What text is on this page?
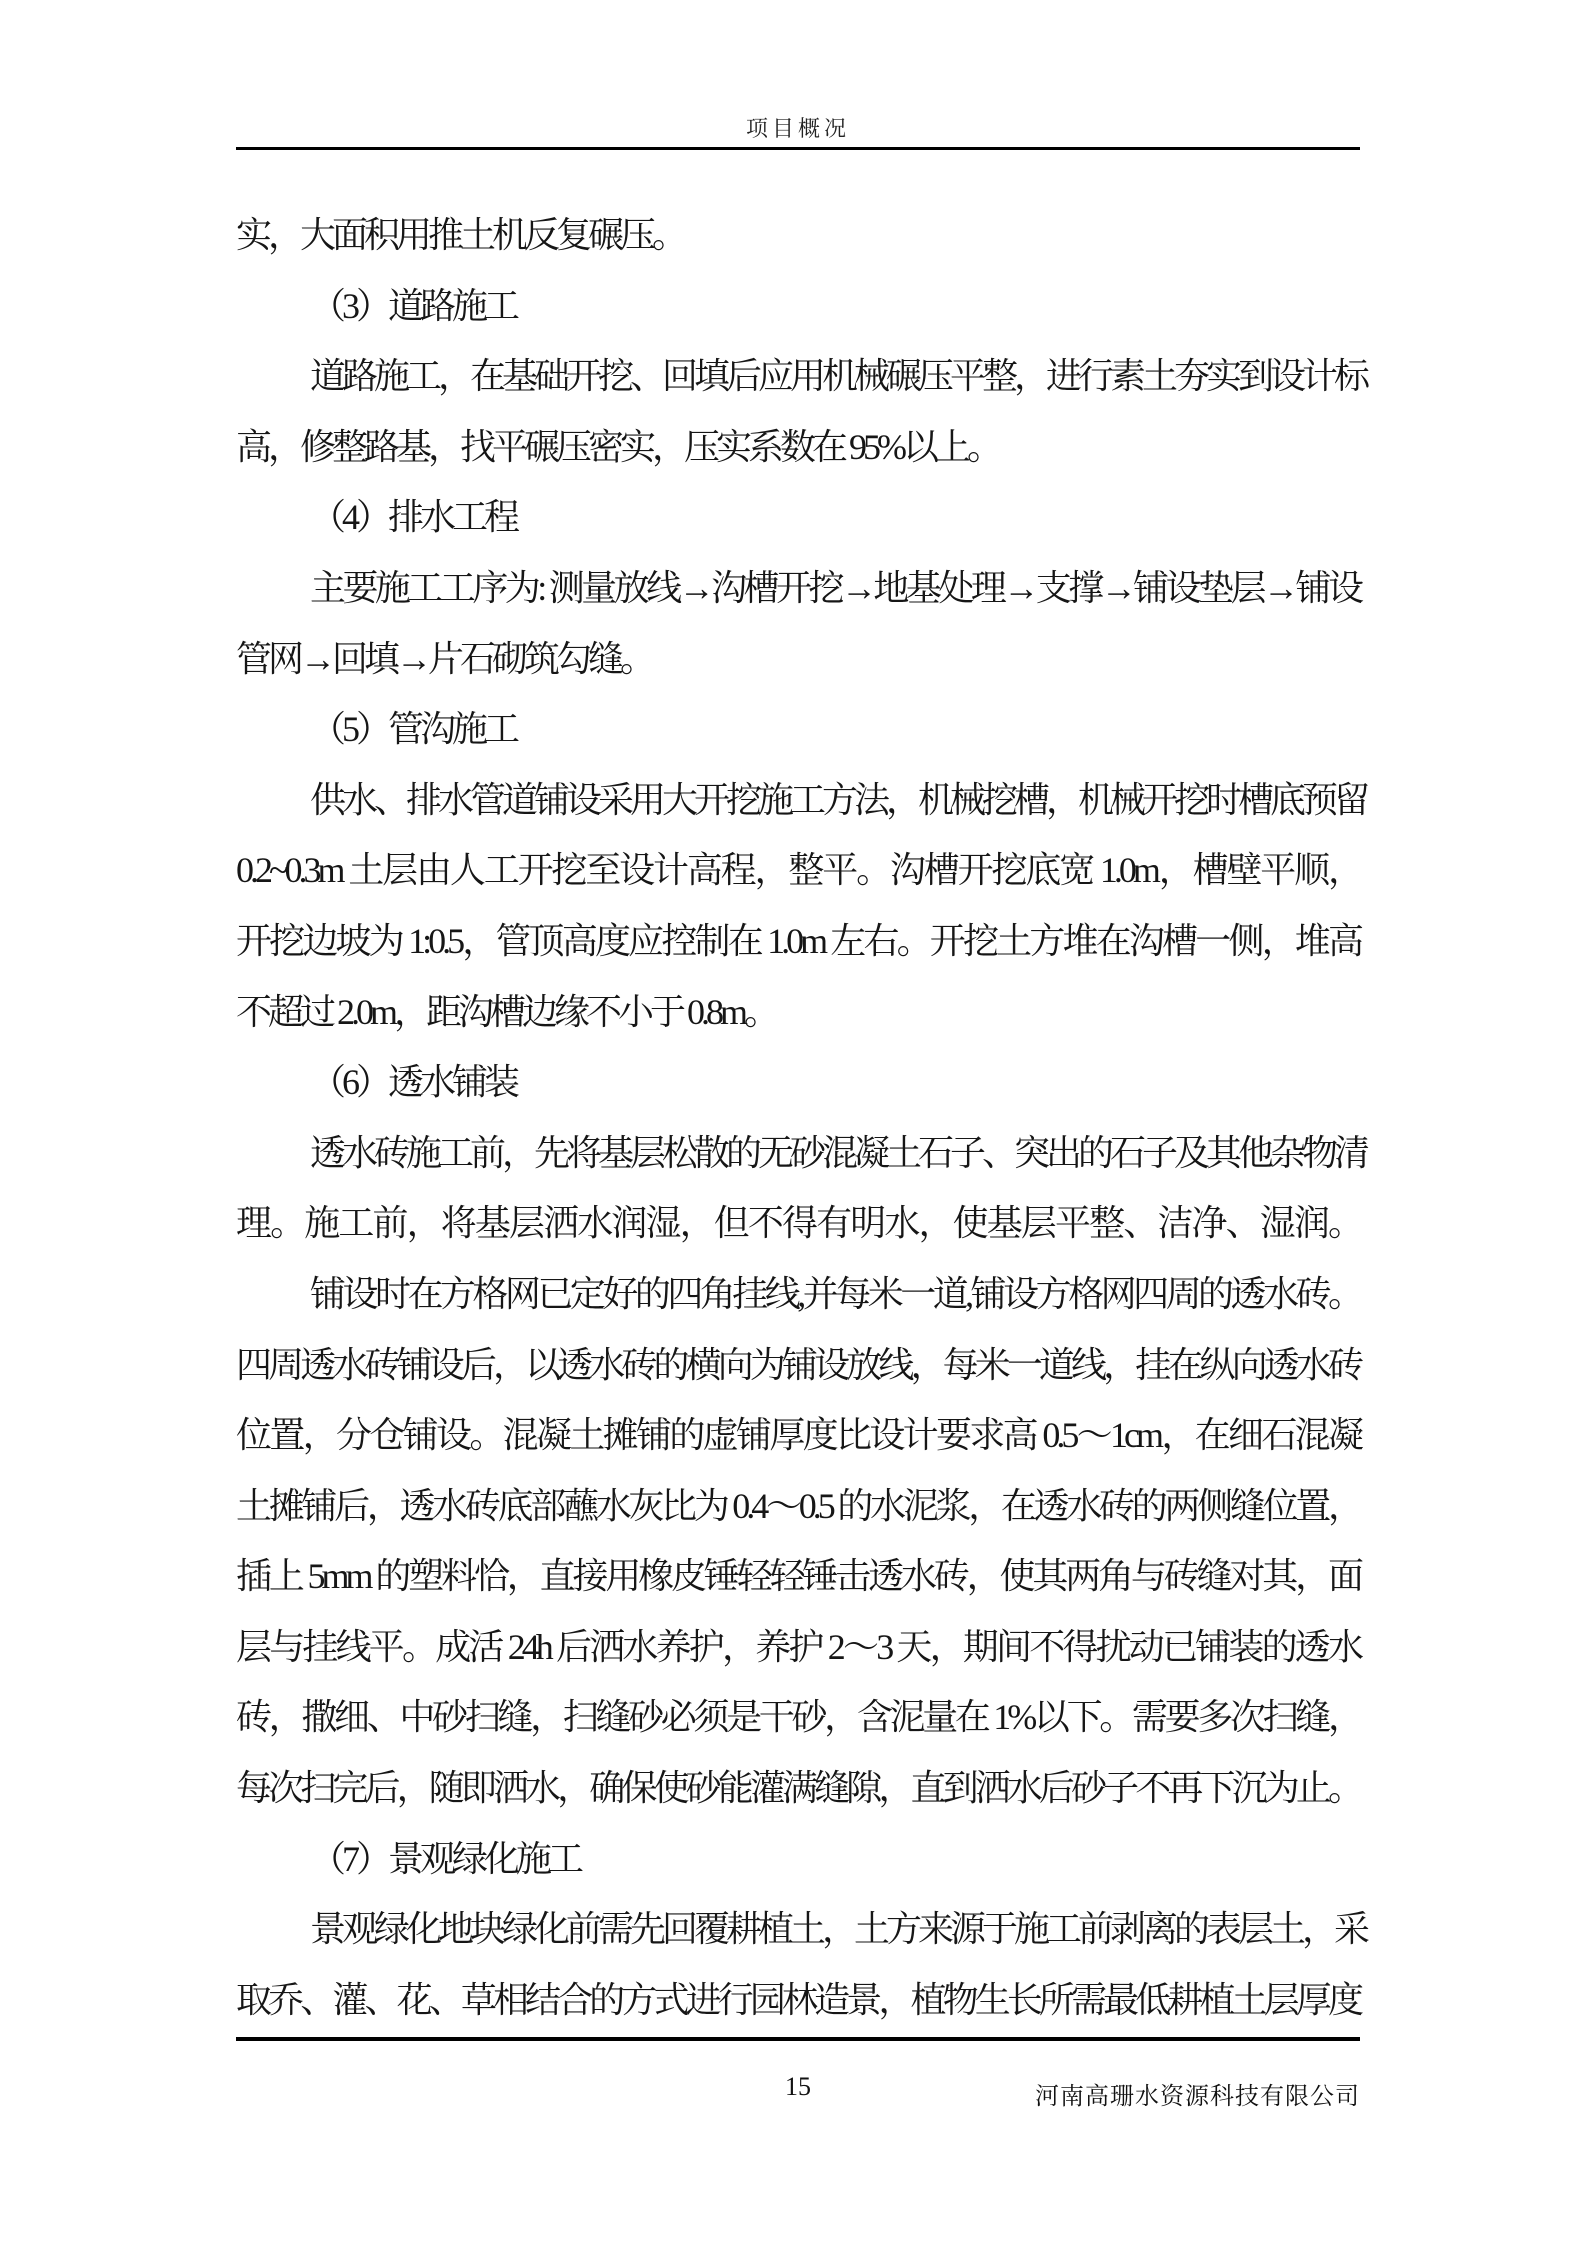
项目概况
实，大面积用推土机反复碾压。
（3）道路施工
道路施工，在基础开挖、回填后应用机械碾压平整，进行素土夯实到设计标
高，修整路基，找平碾压密实，压实系数在 95%以上。
（4）排水工程
主要施工工序为: 测量放线→沟槽开挖→地基处理→支撑→铺设垫层→铺设
管网→回填→片石砌筑勾缝。
（5）管沟施工
供水、排水管道铺设采用大开挖施工方法，机械挖槽，机械开挖时槽底预留
0.2~0.3m 土层由人工开挖至设计高程，整平。沟槽开挖底宽 1.0m，槽壁平顺，
开挖边坡为 1:0.5，管顶高度应控制在 1.0m 左右。开挖土方堆在沟槽一侧，堆高
不超过 2.0m，距沟槽边缘不小于 0.8m。
（6）透水铺装
透水砖施工前，先将基层松散的无砂混凝土石子、突出的石子及其他杂物清
理。施工前，将基层洒水润湿，但不得有明水，使基层平整、洁净、湿润。
铺设时在方格网已定好的四角挂线,并每米一道,铺设方格网四周的透水砖。
四周透水砖铺设后，以透水砖的横向为铺设放线，每米一道线，挂在纵向透水砖
位置，分仓铺设。混凝土摊铺的虚铺厚度比设计要求高 0.5～1cm，在细石混凝
土摊铺后，透水砖底部蘸水灰比为 0.4～0.5 的水泥浆，在透水砖的两侧缝位置，
插上 5mm 的塑料恰，直接用橡皮锤轻轻锤击透水砖，使其两角与砖缝对其，面
层与挂线平。成活 24h 后洒水养护，养护 2～3 天，期间不得扰动已铺装的透水
砖，撒细、中砂扫缝，扫缝砂必须是干砂，含泥量在 1%以下。需要多次扫缝，
每次扫完后，随即洒水，确保使砂能灌满缝隙，直到洒水后砂子不再下沉为止。
（7）景观绿化施工
景观绿化地块绿化前需先回覆耕植土，土方来源于施工前剥离的表层土，采
取乔、灌、花、草相结合的方式进行园林造景，植物生长所需最低耕植土层厚度
15	河南高珊水资源科技有限公司
